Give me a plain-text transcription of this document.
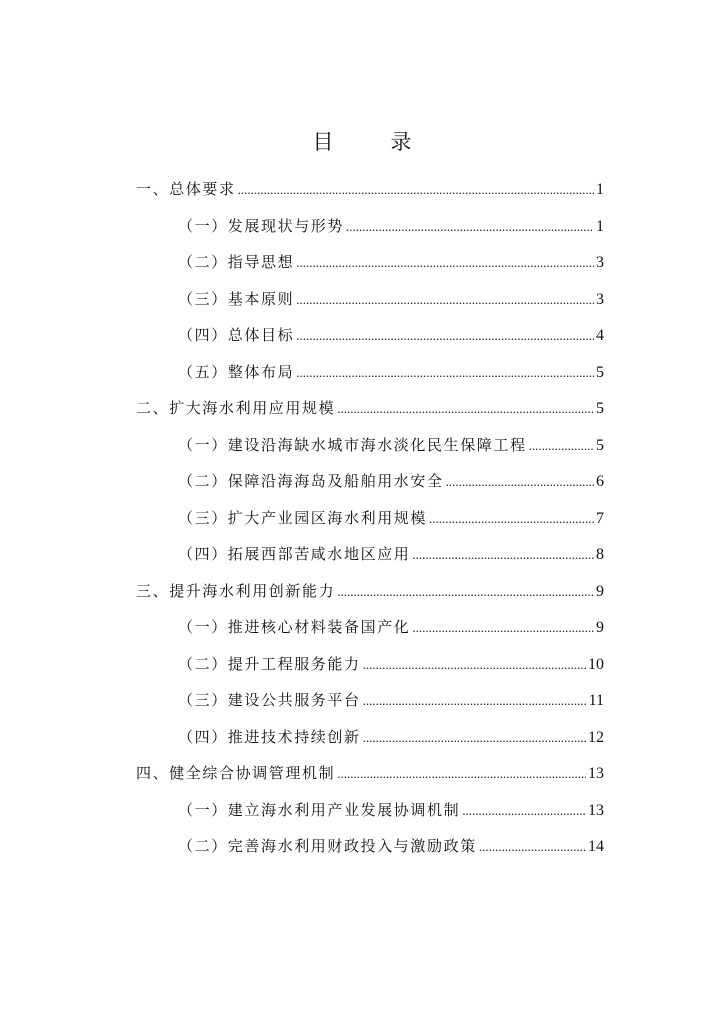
目　录
一、总体要求 .....	1
（一）发展现状与形势 .....	1
（二）指导思想 .....	3
（三）基本原则 .....	3
（四）总体目标 .....	4
（五）整体布局 .....	5
二、扩大海水利用应用规模 .....	5
（一）建设沿海缺水城市海水淡化民生保障工程 .....	5
（二）保障沿海海岛及船舶用水安全 .....	6
（三）扩大产业园区海水利用规模 .....	7
（四）拓展西部苦咸水地区应用 .....	8
三、提升海水利用创新能力 .....	9
（一）推进核心材料装备国产化 .....	9
（二）提升工程服务能力 .....	10
（三）建设公共服务平台 .....	11
（四）推进技术持续创新 .....	12
四、健全综合协调管理机制 .....	13
（一）建立海水利用产业发展协调机制 .....	13
（二）完善海水利用财政投入与激励政策 .....	14
